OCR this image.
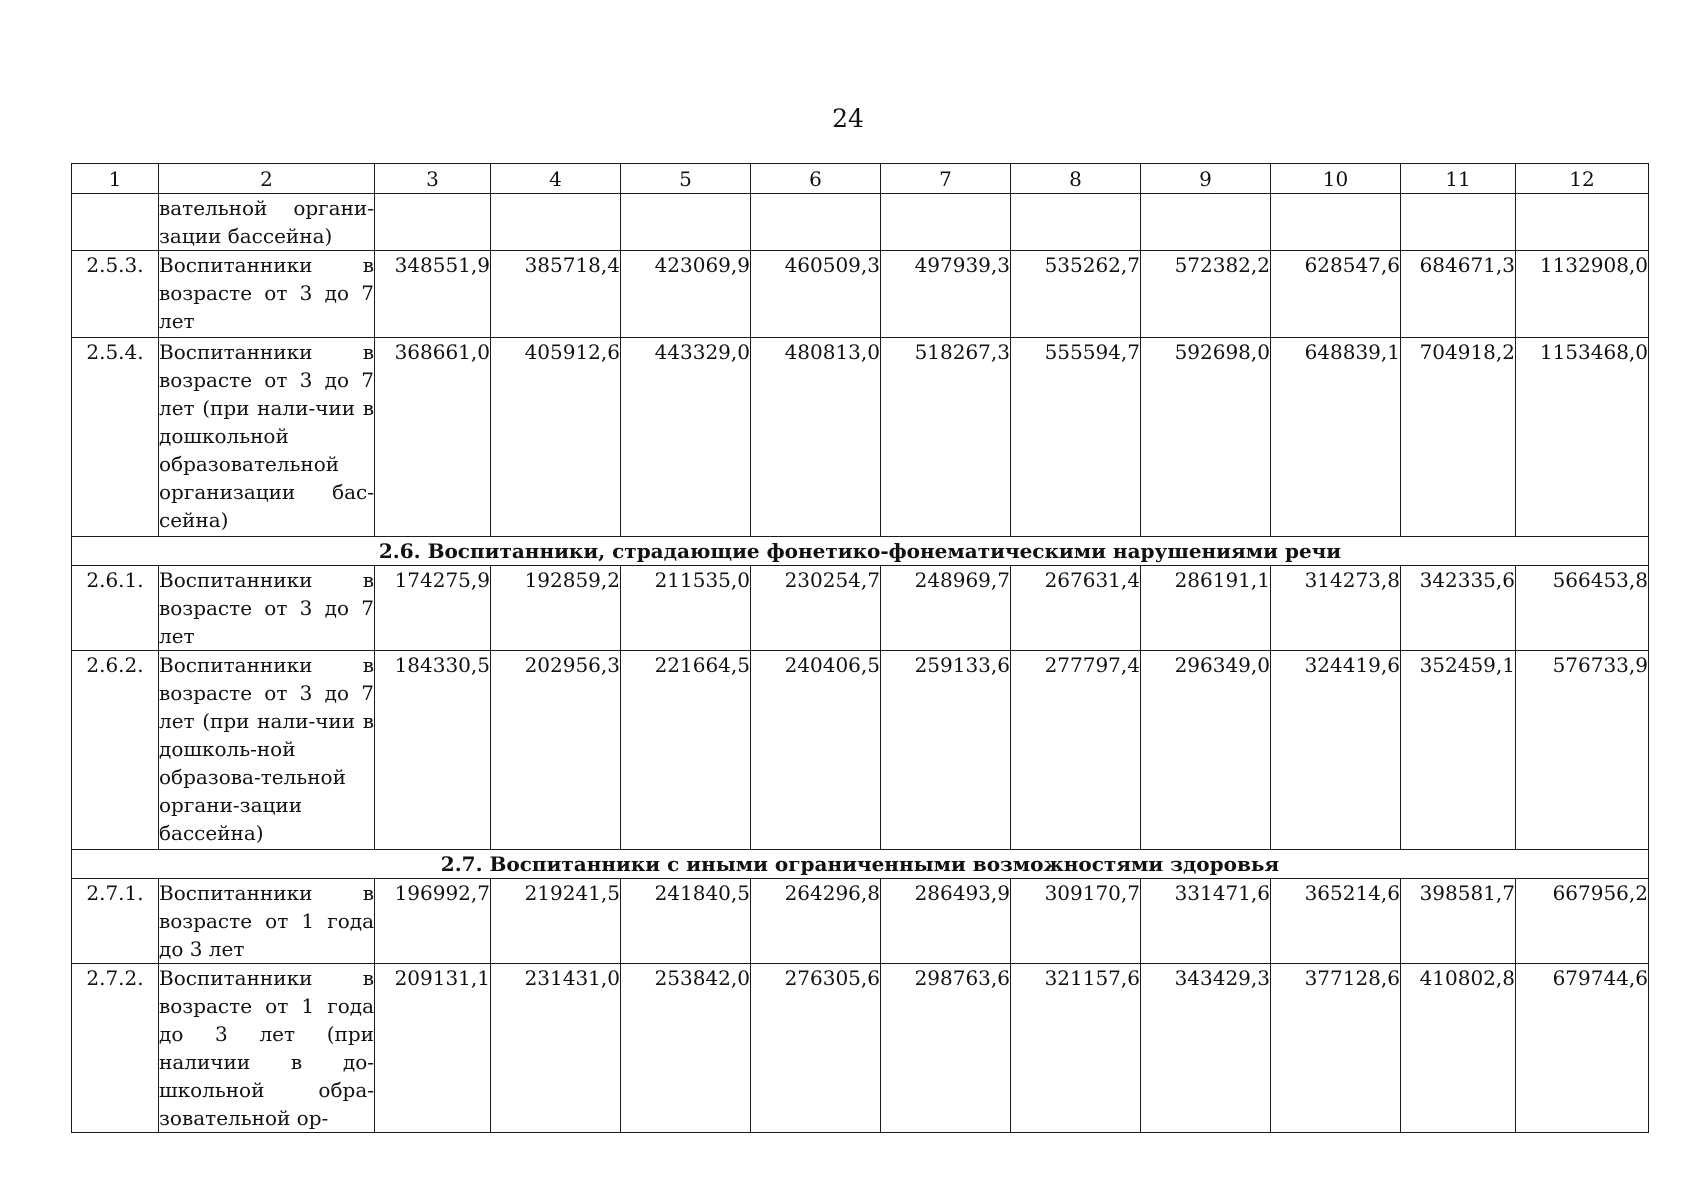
24
1	2	3	4	5	6	7	8	9	10	11	12
	вательной органи-зации бассейна)										
2.5.3.	Воспитанники в возрасте от 3 до 7 лет	348551,9	385718,4	423069,9	460509,3	497939,3	535262,7	572382,2	628547,6	684671,3	1132908,0
2.5.4.	Воспитанники в возрасте от 3 до 7 лет (при нали-чии в дошкольной образовательной организации бас-сейна)	368661,0	405912,6	443329,0	480813,0	518267,3	555594,7	592698,0	648839,1	704918,2	1153468,0
2.6. Воспитанники, страдающие фонетико-фонематическими нарушениями речи											
2.6.1.	Воспитанники в возрасте от 3 до 7 лет	174275,9	192859,2	211535,0	230254,7	248969,7	267631,4	286191,1	314273,8	342335,6	566453,8
2.6.2.	Воспитанники в возрасте от 3 до 7 лет (при нали-чии в дошколь-ной образова-тельной органи-зации бассейна)	184330,5	202956,3	221664,5	240406,5	259133,6	277797,4	296349,0	324419,6	352459,1	576733,9
2.7. Воспитанники с иными ограниченными возможностями здоровья											
2.7.1.	Воспитанники в возрасте от 1 года до 3 лет	196992,7	219241,5	241840,5	264296,8	286493,9	309170,7	331471,6	365214,6	398581,7	667956,2
2.7.2.	Воспитанники в возрасте от 1 года до 3 лет (при наличии в до-школьной обра-зовательной ор-	209131,1	231431,0	253842,0	276305,6	298763,6	321157,6	343429,3	377128,6	410802,8	679744,6
